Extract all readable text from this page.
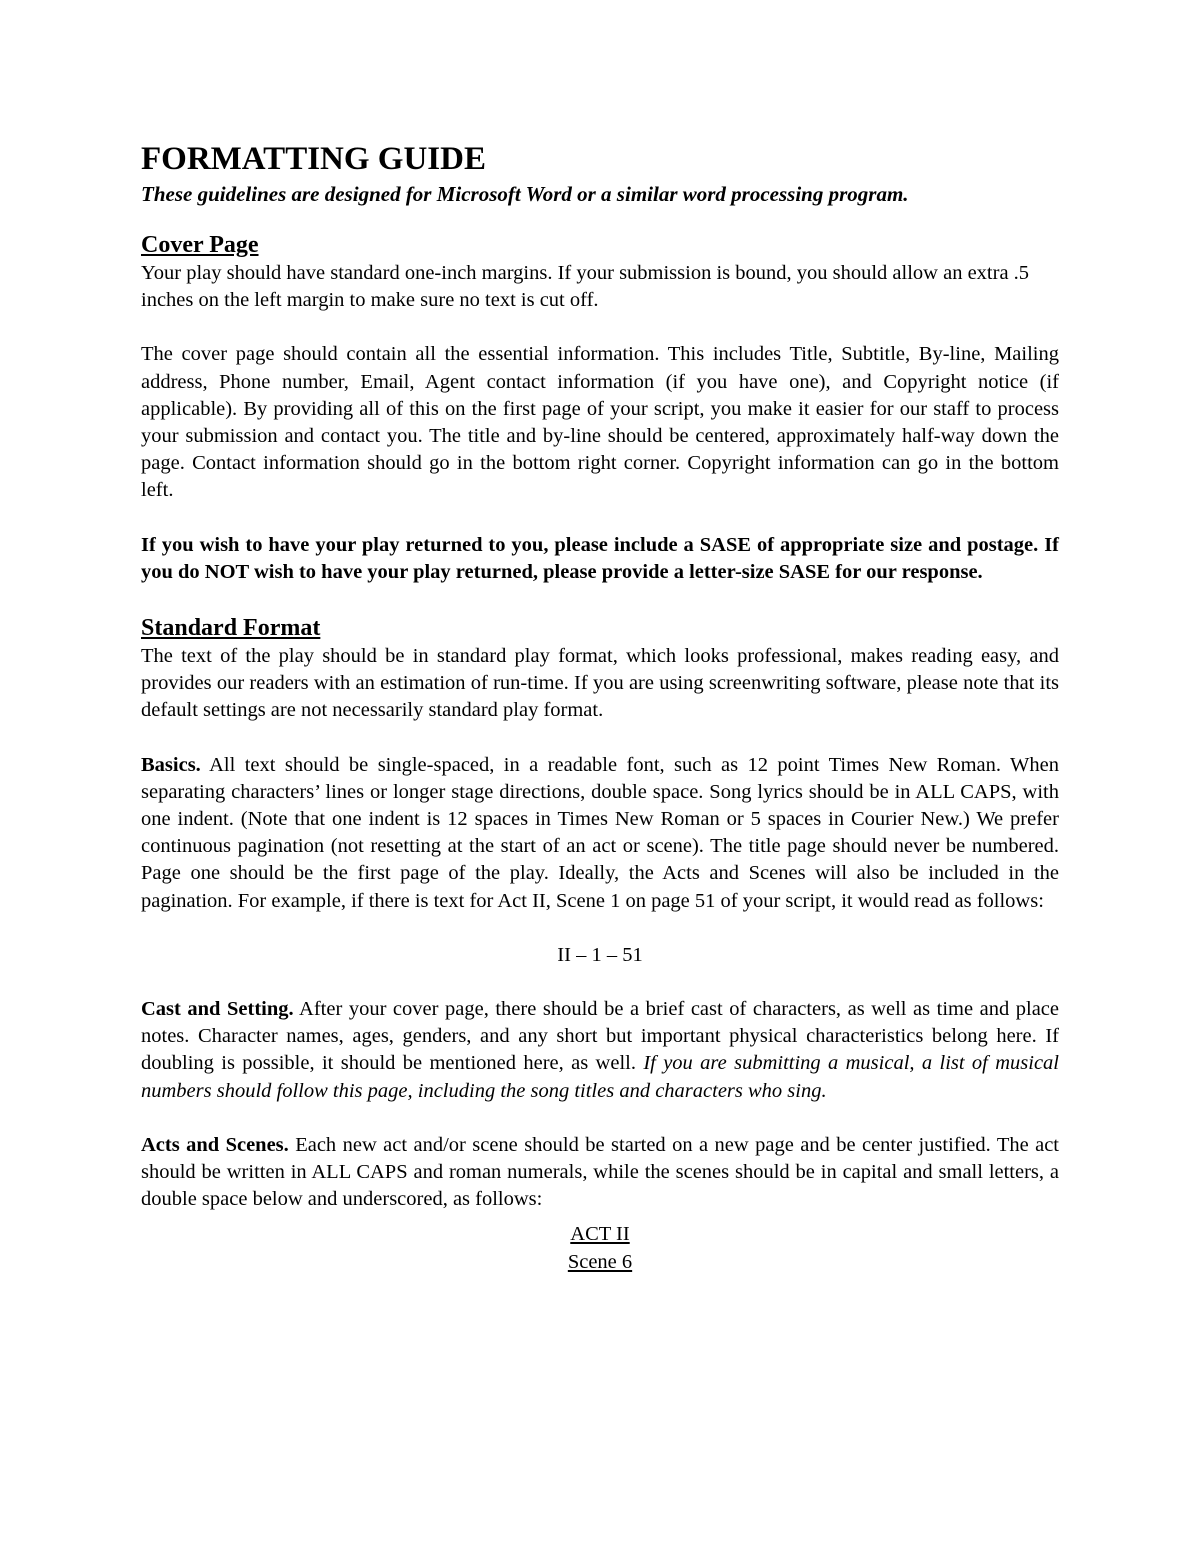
FORMATTING GUIDE
These guidelines are designed for Microsoft Word or a similar word processing program.
Cover Page

Your play should have standard one-inch margins. If your submission is bound, you should allow an extra .5 inches on the left margin to make sure no text is cut off.

The cover page should contain all the essential information. This includes Title, Subtitle, By-line, Mailing address, Phone number, Email, Agent contact information (if you have one), and Copyright notice (if applicable). By providing all of this on the first page of your script, you make it easier for our staff to process your submission and contact you. The title and by-line should be centered, approximately half-way down the page. Contact information should go in the bottom right corner. Copyright information can go in the bottom left.

If you wish to have your play returned to you, please include a SASE of appropriate size and postage. If you do NOT wish to have your play returned, please provide a letter-size SASE for our response.

Standard Format

The text of the play should be in standard play format, which looks professional, makes reading easy, and provides our readers with an estimation of run-time. If you are using screenwriting software, please note that its default settings are not necessarily standard play format.

Basics. All text should be single-spaced, in a readable font, such as 12 point Times New Roman. When separating characters’ lines or longer stage directions, double space. Song lyrics should be in ALL CAPS, with one indent. (Note that one indent is 12 spaces in Times New Roman or 5 spaces in Courier New.) We prefer continuous pagination (not resetting at the start of an act or scene). The title page should never be numbered. Page one should be the first page of the play. Ideally, the Acts and Scenes will also be included in the pagination. For example, if there is text for Act II, Scene 1 on page 51 of your script, it would read as follows:

II – 1 – 51

Cast and Setting. After your cover page, there should be a brief cast of characters, as well as time and place notes. Character names, ages, genders, and any short but important physical characteristics belong here. If doubling is possible, it should be mentioned here, as well. If you are submitting a musical, a list of musical numbers should follow this page, including the song titles and characters who sing.

Acts and Scenes. Each new act and/or scene should be started on a new page and be center justified. The act should be written in ALL CAPS and roman numerals, while the scenes should be in capital and small letters, a double space below and underscored, as follows:

ACT II
Scene 6
